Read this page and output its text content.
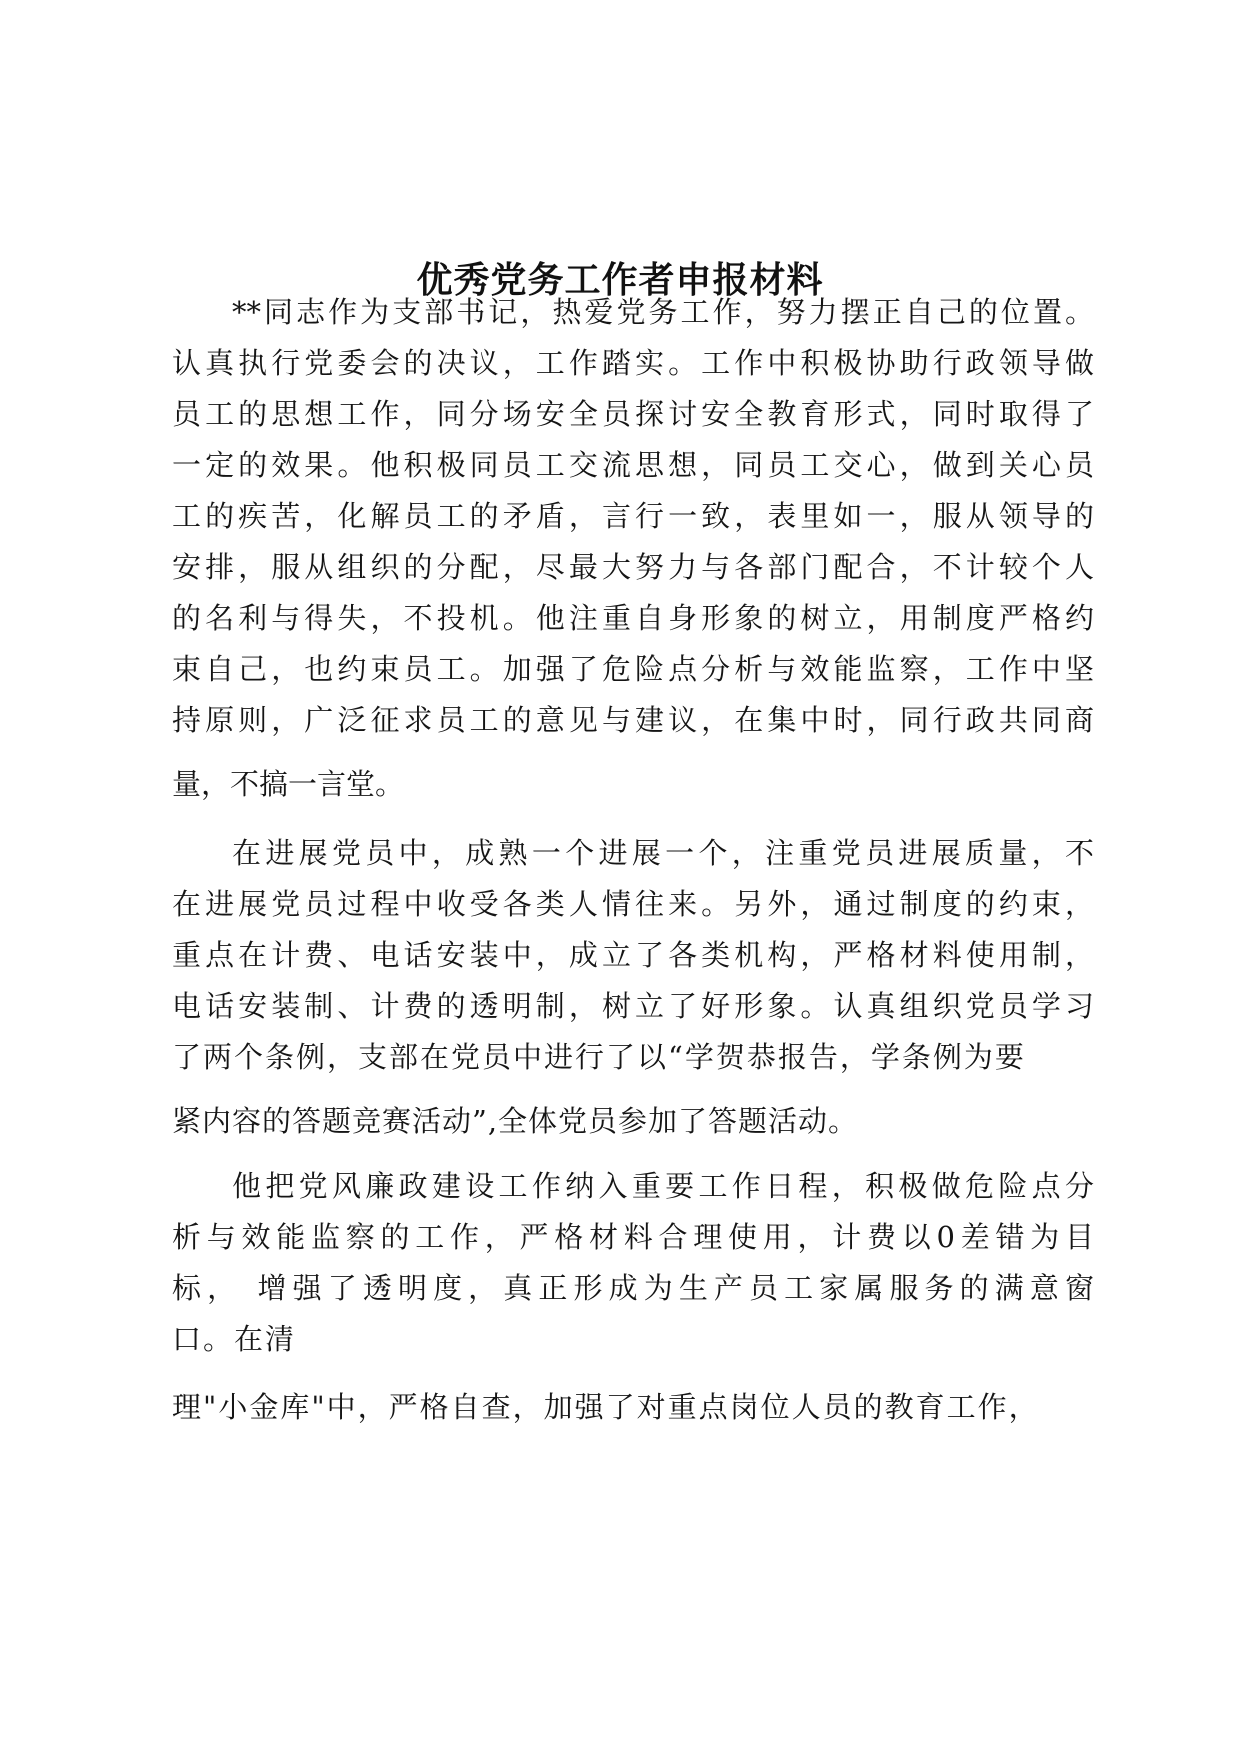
优秀党务工作者申报材料
**同志作为支部书记，热爱党务工作，努力摆正自己的位置。
认真执行党委会的决议，工作踏实。工作中积极协助行政领导做
员工的思想工作，同分场安全员探讨安全教育形式，同时取得了
一定的效果。他积极同员工交流思想，同员工交心，做到关心员
工的疾苦，化解员工的矛盾，言行一致，表里如一，服从领导的
安排，服从组织的分配，尽最大努力与各部门配合，不计较个人
的名利与得失，不投机。他注重自身形象的树立，用制度严格约
束自己，也约束员工。加强了危险点分析与效能监察，工作中坚
持原则，广泛征求员工的意见与建议，在集中时，同行政共同商
量，不搞一言堂。
在进展党员中，成熟一个进展一个，注重党员进展质量，不
在进展党员过程中收受各类人情往来。另外，通过制度的约束，
重点在计费、电话安装中，成立了各类机构，严格材料使用制，
电话安装制、计费的透明制，树立了好形象。认真组织党员学习
了两个条例，支部在党员中进行了以“学贺恭报告，学条例为要
紧内容的答题竞赛活动”,全体党员参加了答题活动。
他把党风廉政建设工作纳入重要工作日程，积极做危险点分
析与效能监察的工作，严格材料合理使用，计费以0差错为目
标， 增强了透明度，真正形成为生产员工家属服务的满意窗
口。在清
理"小金库"中，严格自查，加强了对重点岗位人员的教育工作，
